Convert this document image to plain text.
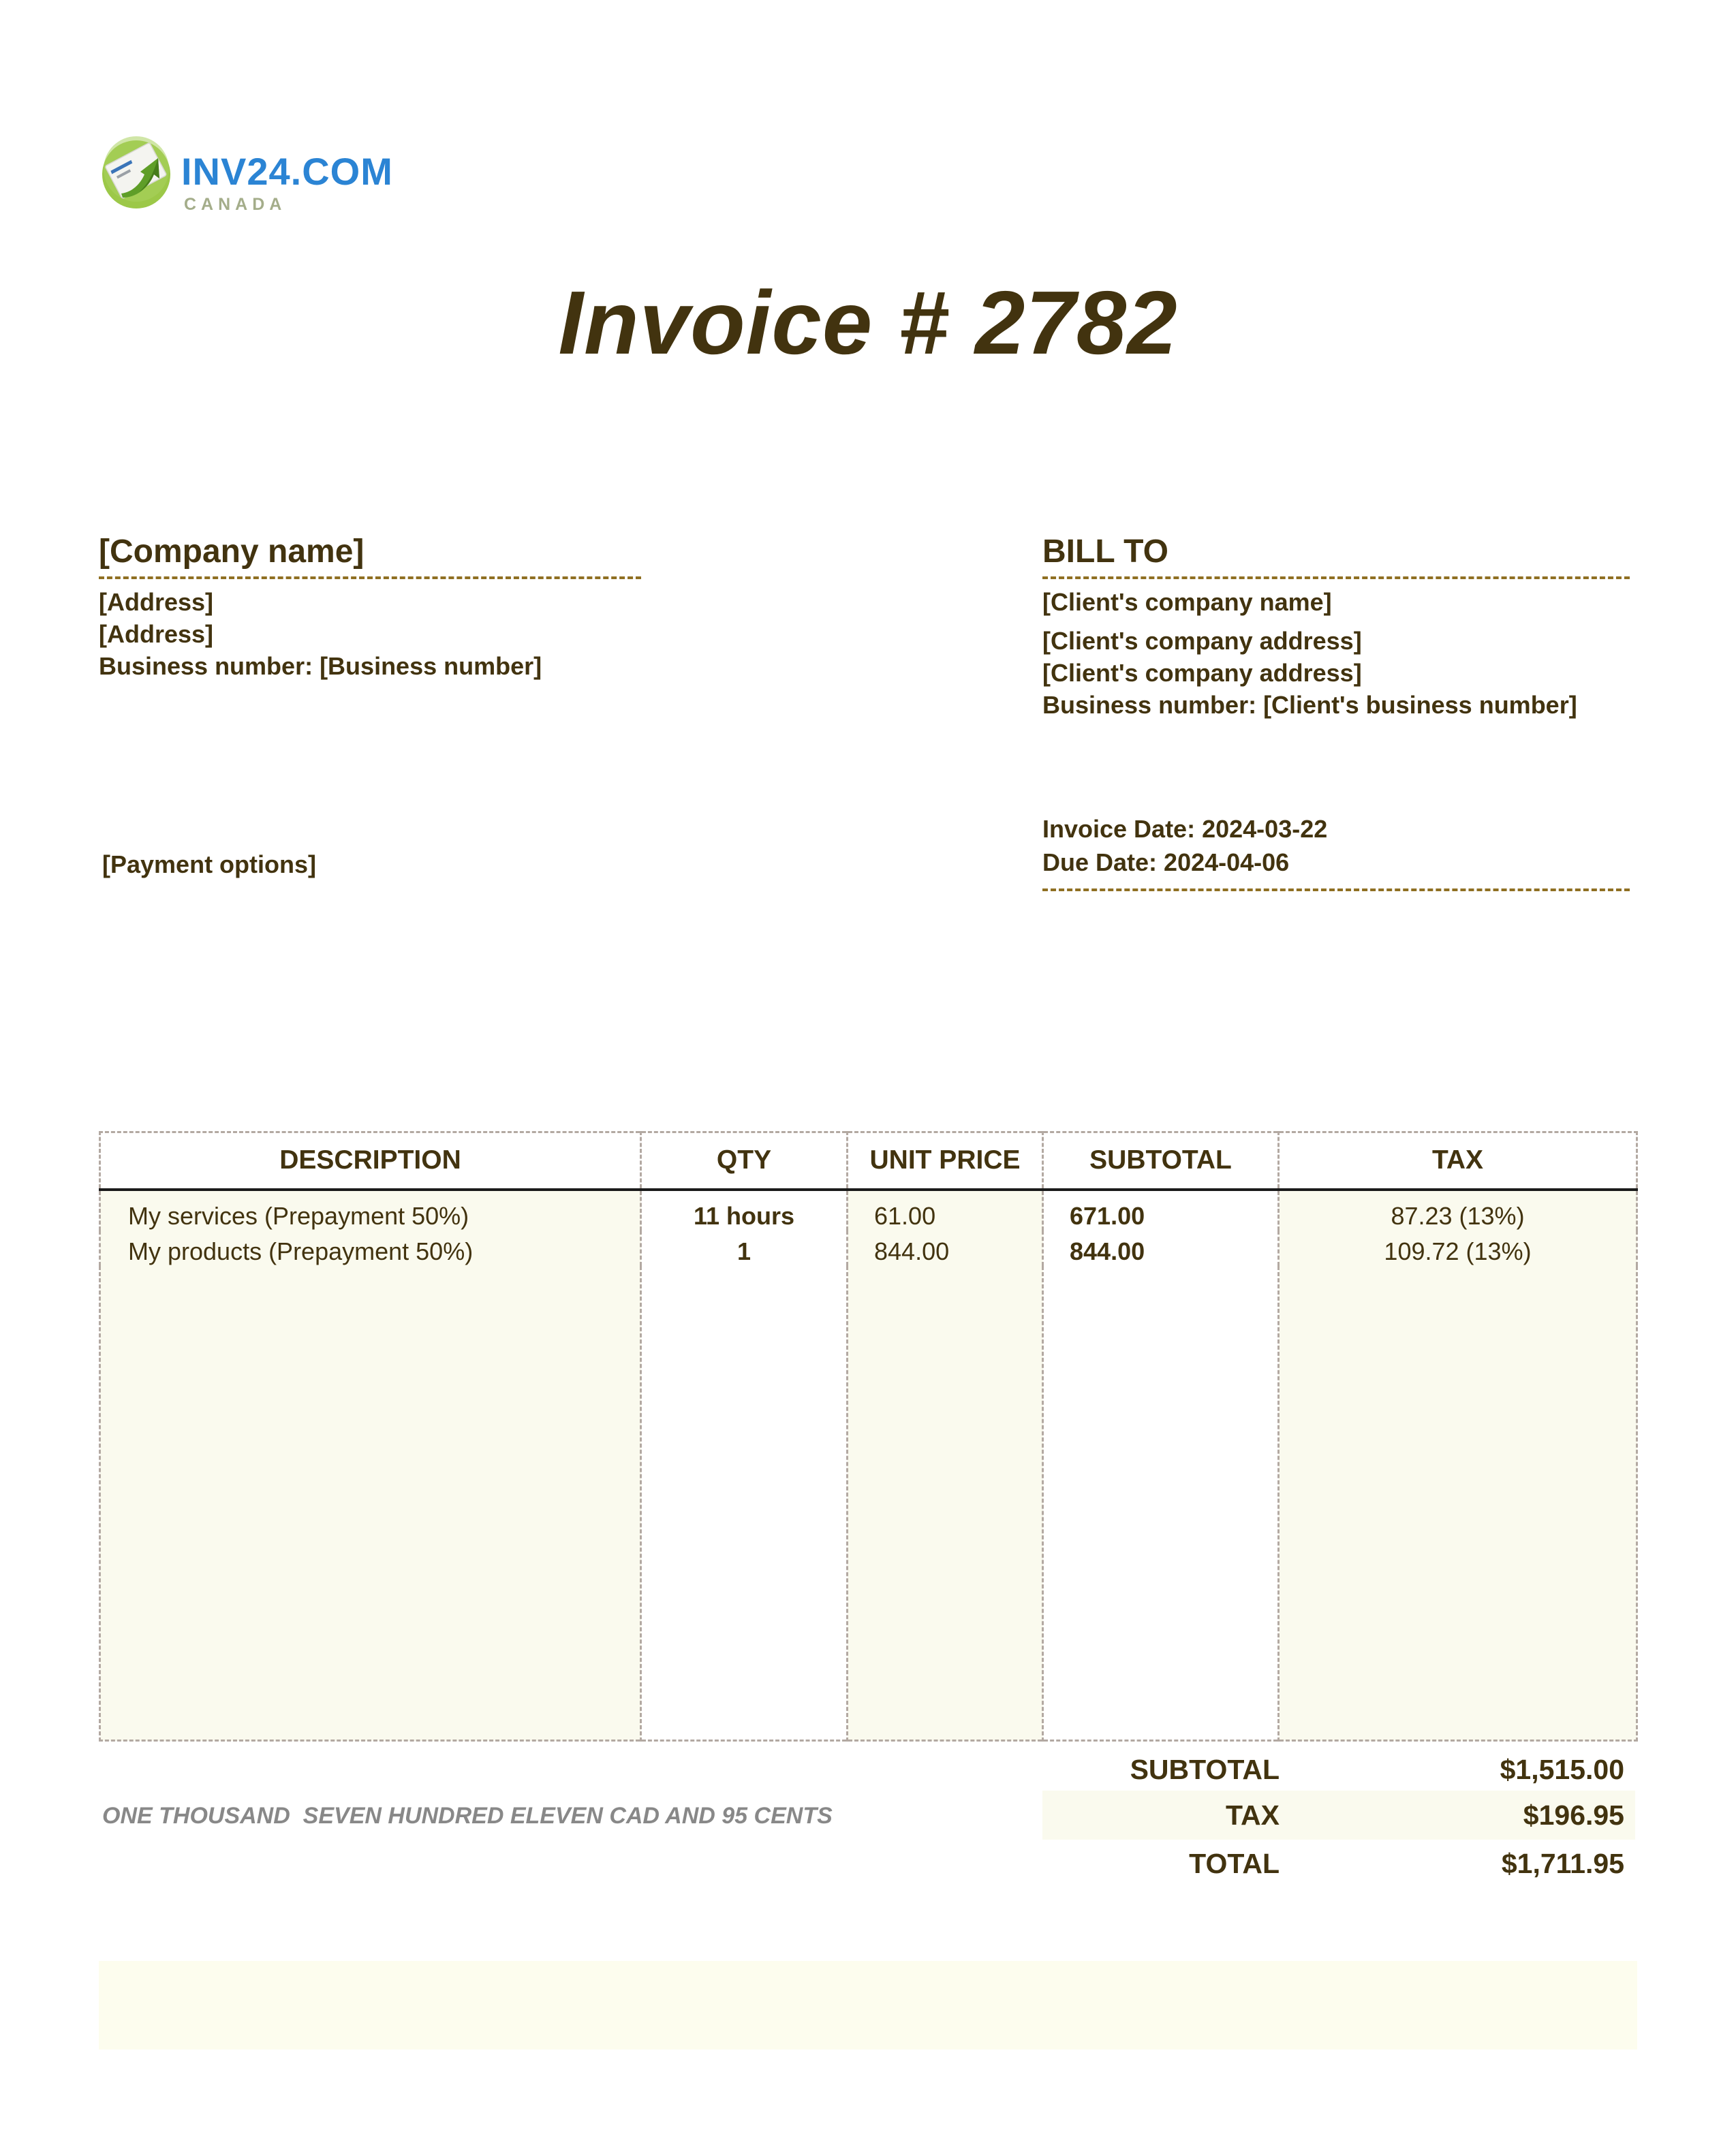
INV24.COM
CANADA
Invoice # 2782
[Company name]
[Address]
[Address]
Business number: [Business number]
BILL TO
[Client's company name]
[Client's company address]
[Client's company address]
Business number: [Client's business number]
[Payment options]
Invoice Date: 2024-03-22
Due Date: 2024-04-06
DESCRIPTION	QTY	UNIT PRICE	SUBTOTAL	TAX
My services (Prepayment 50%)	11 hours	61.00	671.00	87.23 (13%)
My products (Prepayment 50%)	1	844.00	844.00	109.72 (13%)

SUBTOTAL	$1,515.00
TAX	$196.95
TOTAL	$1,711.95
ONE THOUSAND  SEVEN HUNDRED ELEVEN CAD AND 95 CENTS
